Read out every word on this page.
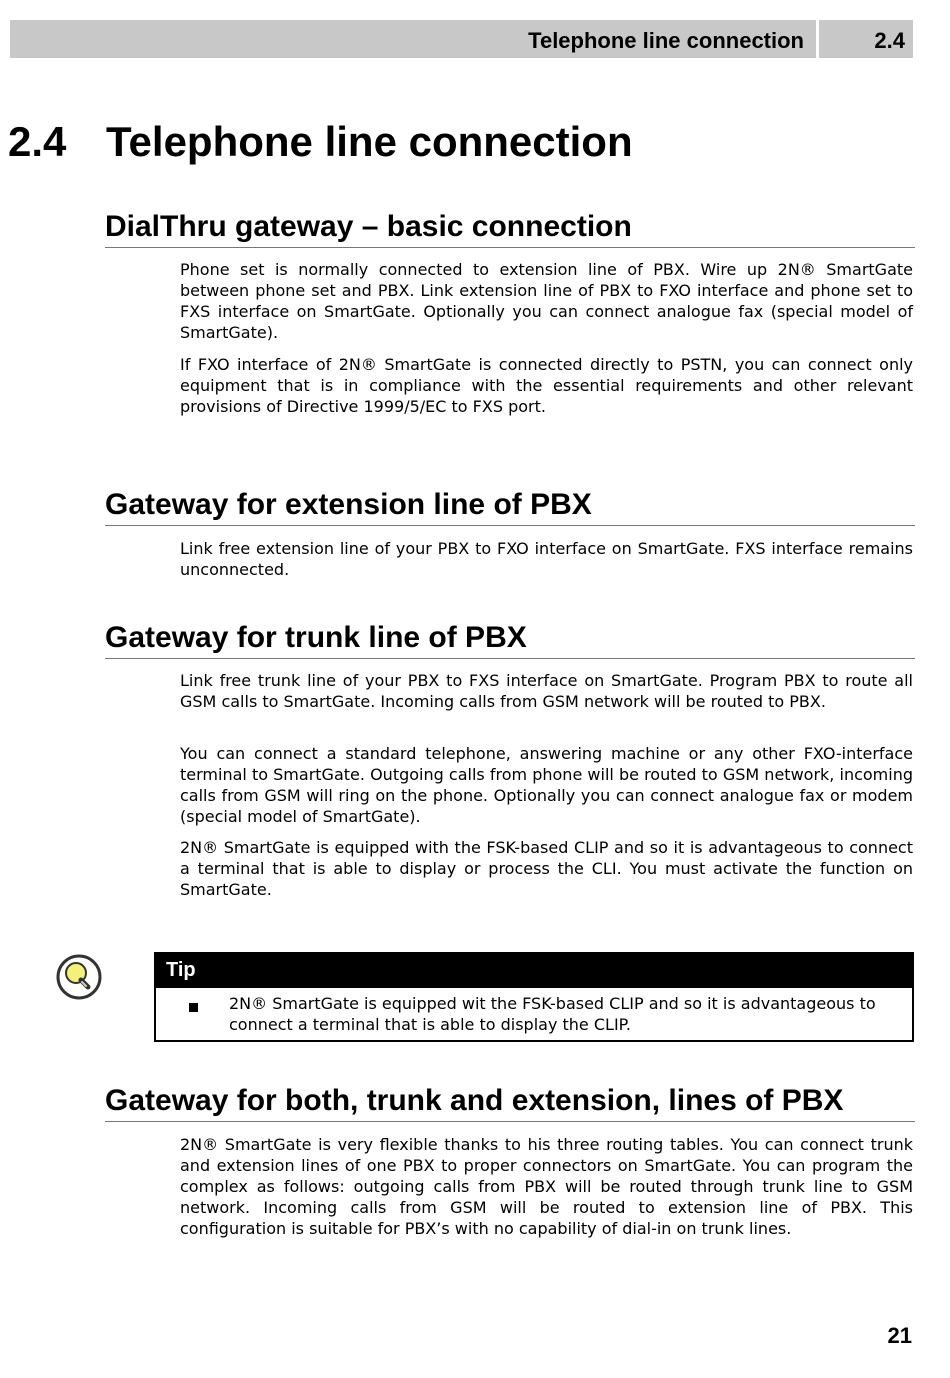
Telephone line connection	2.4
2.4 Telephone line connection
DialThru gateway – basic connection

Phone set is normally connected to extension line of PBX. Wire up 2N® SmartGate between phone set and PBX. Link extension line of PBX to FXO interface and phone set to FXS interface on SmartGate. Optionally you can connect analogue fax (special model of SmartGate).

If FXO interface of 2N® SmartGate is connected directly to PSTN, you can connect only equipment that is in compliance with the essential requirements and other relevant provisions of Directive 1999/5/EC to FXS port.

Gateway for extension line of PBX

Link free extension line of your PBX to FXO interface on SmartGate. FXS interface remains unconnected.

Gateway for trunk line of PBX

Link free trunk line of your PBX to FXS interface on SmartGate. Program PBX to route all GSM calls to SmartGate. Incoming calls from GSM network will be routed to PBX.

You can connect a standard telephone, answering machine or any other FXO-interface terminal to SmartGate. Outgoing calls from phone will be routed to GSM network, incoming calls from GSM will ring on the phone. Optionally you can connect analogue fax or modem (special model of SmartGate).

2N® SmartGate is equipped with the FSK-based CLIP and so it is advantageous to connect a terminal that is able to display or process the CLI. You must activate the function on SmartGate.

Tip
2N® SmartGate is equipped wit the FSK-based CLIP and so it is advantageous to connect a terminal that is able to display the CLIP.
Gateway for both, trunk and extension, lines of PBX

2N® SmartGate is very flexible thanks to his three routing tables. You can connect trunk and extension lines of one PBX to proper connectors on SmartGate. You can program the complex as follows: outgoing calls from PBX will be routed through trunk line to GSM network. Incoming calls from GSM will be routed to extension line of PBX. This configuration is suitable for PBX’s with no capability of dial-in on trunk lines.

21
